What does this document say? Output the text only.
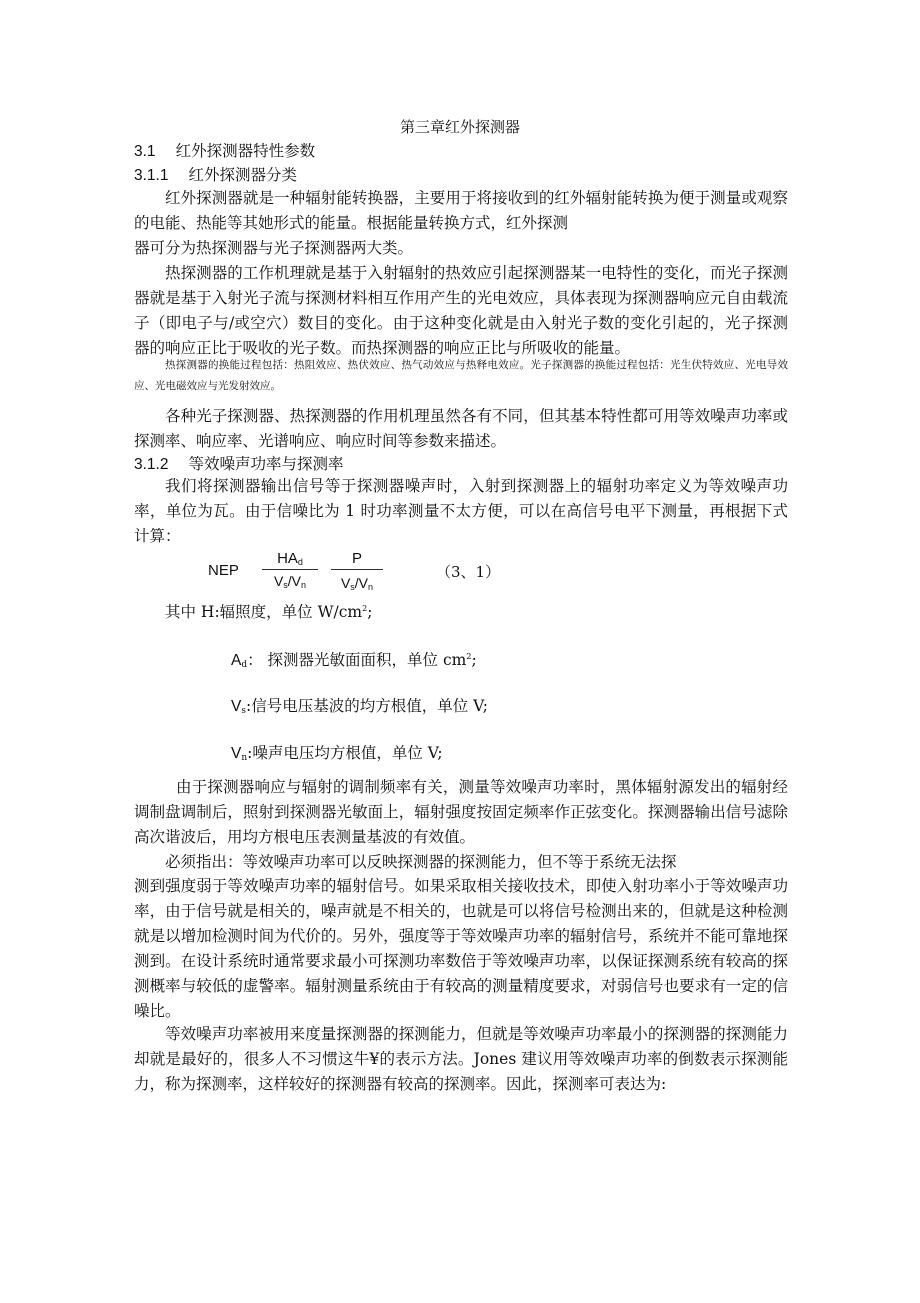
第三章红外探测器
3.1 红外探测器特性参数
3.1.1 红外探测器分类
红外探测器就是一种辐射能转换器，主要用于将接收到的红外辐射能转换为便于测量或观察的电能、热能等其她形式的能量。根据能量转换方式，红外探测
器可分为热探测器与光子探测器两大类。
热探测器的工作机理就是基于入射辐射的热效应引起探测器某一电特性的变化，而光子探测器就是基于入射光子流与探测材料相互作用产生的光电效应，具体表现为探测器响应元自由载流子（即电子与/或空穴）数目的变化。由于这种变化就是由入射光子数的变化引起的，光子探测器的响应正比于吸收的光子数。而热探测器的响应正比与所吸收的能量。
热探测器的换能过程包括：热阻效应、热伏效应、热气动效应与热释电效应。光子探测器的换能过程包括：光生伏特效应、光电导效应、光电磁效应与光发射效应。
各种光子探测器、热探测器的作用机理虽然各有不同，但其基本特性都可用等效噪声功率或探测率、响应率、光谱响应、响应时间等参数来描述。
3.1.2 等效噪声功率与探测率
我们将探测器输出信号等于探测器噪声时，入射到探测器上的辐射功率定义为等效噪声功率，单位为瓦。由于信噪比为 1 时功率测量不太方便，可以在高信号电平下测量，再根据下式计算：
NEP
$HA_d$
$V_s/V_n$	$\frac{P}{V_s/V_n}$	（3、1）
其中 H:辐照度，单位 $W/cm^2$;
$A_d$： 探测器光敏面面积，单位 $cm^2$;
$V_s$:信号电压基波的均方根值，单位 V;
$V_n$:噪声电压均方根值，单位 V;
由于探测器响应与辐射的调制频率有关，测量等效噪声功率时，黑体辐射源发出的辐射经调制盘调制后，照射到探测器光敏面上，辐射强度按固定频率作正弦变化。探测器输出信号滤除高次谐波后，用均方根电压表测量基波的有效值。
必须指出：等效噪声功率可以反映探测器的探测能力，但不等于系统无法探
测到强度弱于等效噪声功率的辐射信号。如果采取相关接收技术，即使入射功率小于等效噪声功率，由于信号就是相关的，噪声就是不相关的，也就是可以将信号检测出来的，但就是这种检测就是以增加检测时间为代价的。另外，强度等于等效噪声功率的辐射信号，系统并不能可靠地探测到。在设计系统时通常要求最小可探测功率数倍于等效噪声功率，以保证探测系统有较高的探测概率与较低的虚警率。辐射测量系统由于有较高的测量精度要求，对弱信号也要求有一定的信噪比。
等效噪声功率被用来度量探测器的探测能力，但就是等效噪声功率最小的探测器的探测能力却就是最好的，很多人不习惯这牛¥的表示方法。Jones 建议用等效噪声功率的倒数表示探测能力，称为探测率，这样较好的探测器有较高的探测率。因此，探测率可表达为:
